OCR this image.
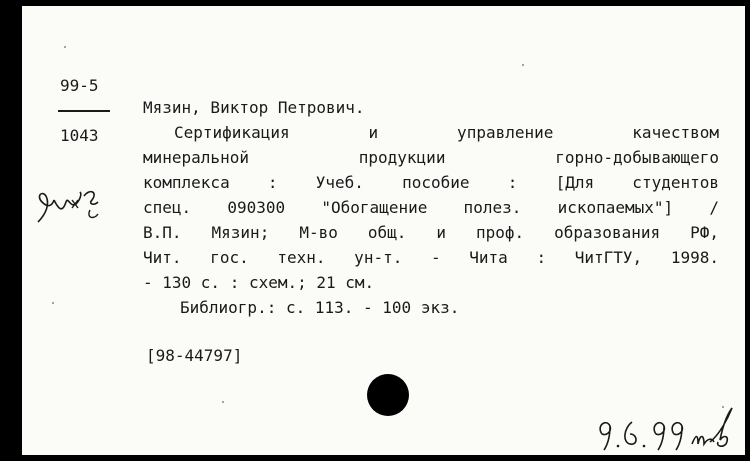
99-5
1043
Мязин, Виктор Петрович.
Сертификация и управление качеством
минеральной продукции горно-добывающего
комплекса : Учеб. пособие : [Для студентов
спец. 090300 "Обогащение полез. ископаемых"] /
В.П. Мязин; М-во общ. и проф. образования РФ,
Чит. гос. техн. ун-т. - Чита : ЧитГТУ, 1998.
- 130 с. : схем.; 21 см.
Библиогр.: с. 113. - 100 экз.
[98-44797]
